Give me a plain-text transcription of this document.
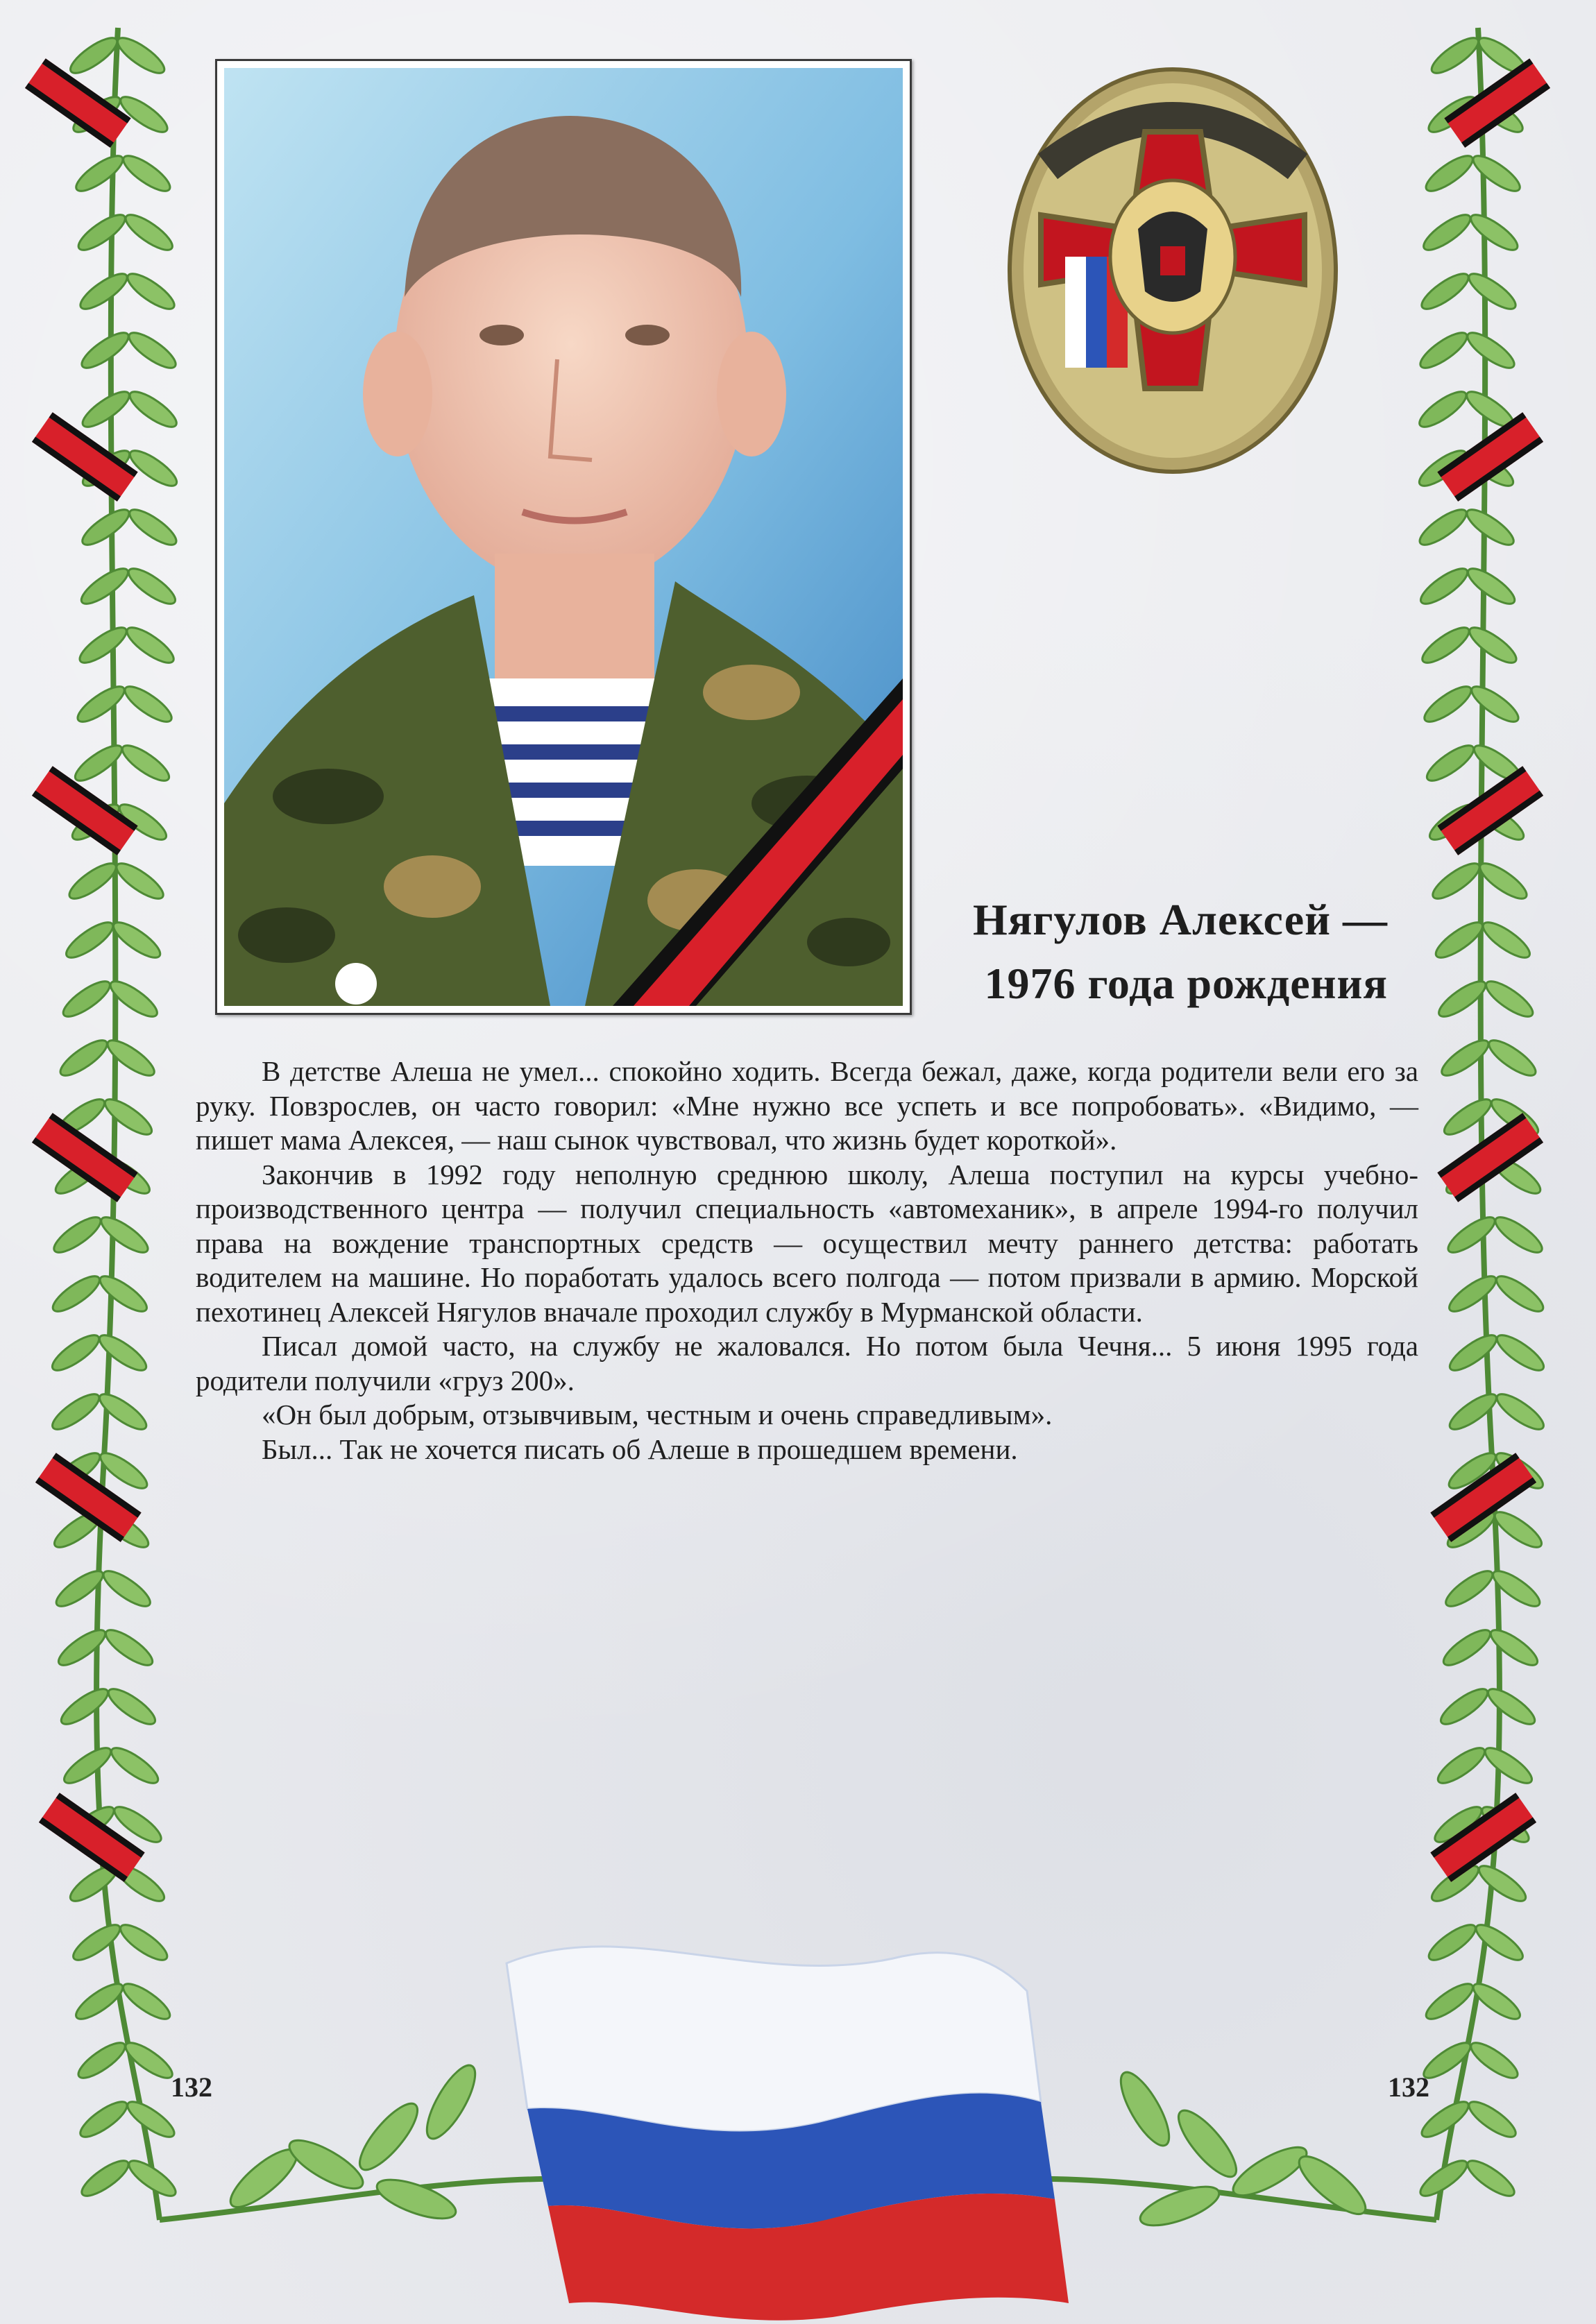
Нягулов Алексей —
1976 года рождения

В детстве Алеша не умел... спокойно ходить. Всегда бежал, даже, когда родители вели его за руку. Повзрослев, он часто говорил: «Мне нужно все успеть и все попробовать». «Видимо, — пишет мама Алексея, — наш сынок чувствовал, что жизнь будет короткой».

Закончив в 1992 году неполную среднюю школу, Алеша поступил на курсы учебно-производственного центра — получил специальность «автомеханик», в апреле 1994-го получил права на вождение транспортных средств — осуществил мечту раннего детства: работать водителем на машине. Но поработать удалось всего полгода — потом призвали в армию. Морской пехотинец Алексей Нягулов вначале проходил службу в Мурманской области.

Писал домой часто, на службу не жаловался. Но потом была Чечня... 5 июня 1995 года родители получили «груз 200».

«Он был добрым, отзывчивым, честным и очень справедливым».

Был... Так не хочется писать об Алеше в прошедшем времени.

132	132
